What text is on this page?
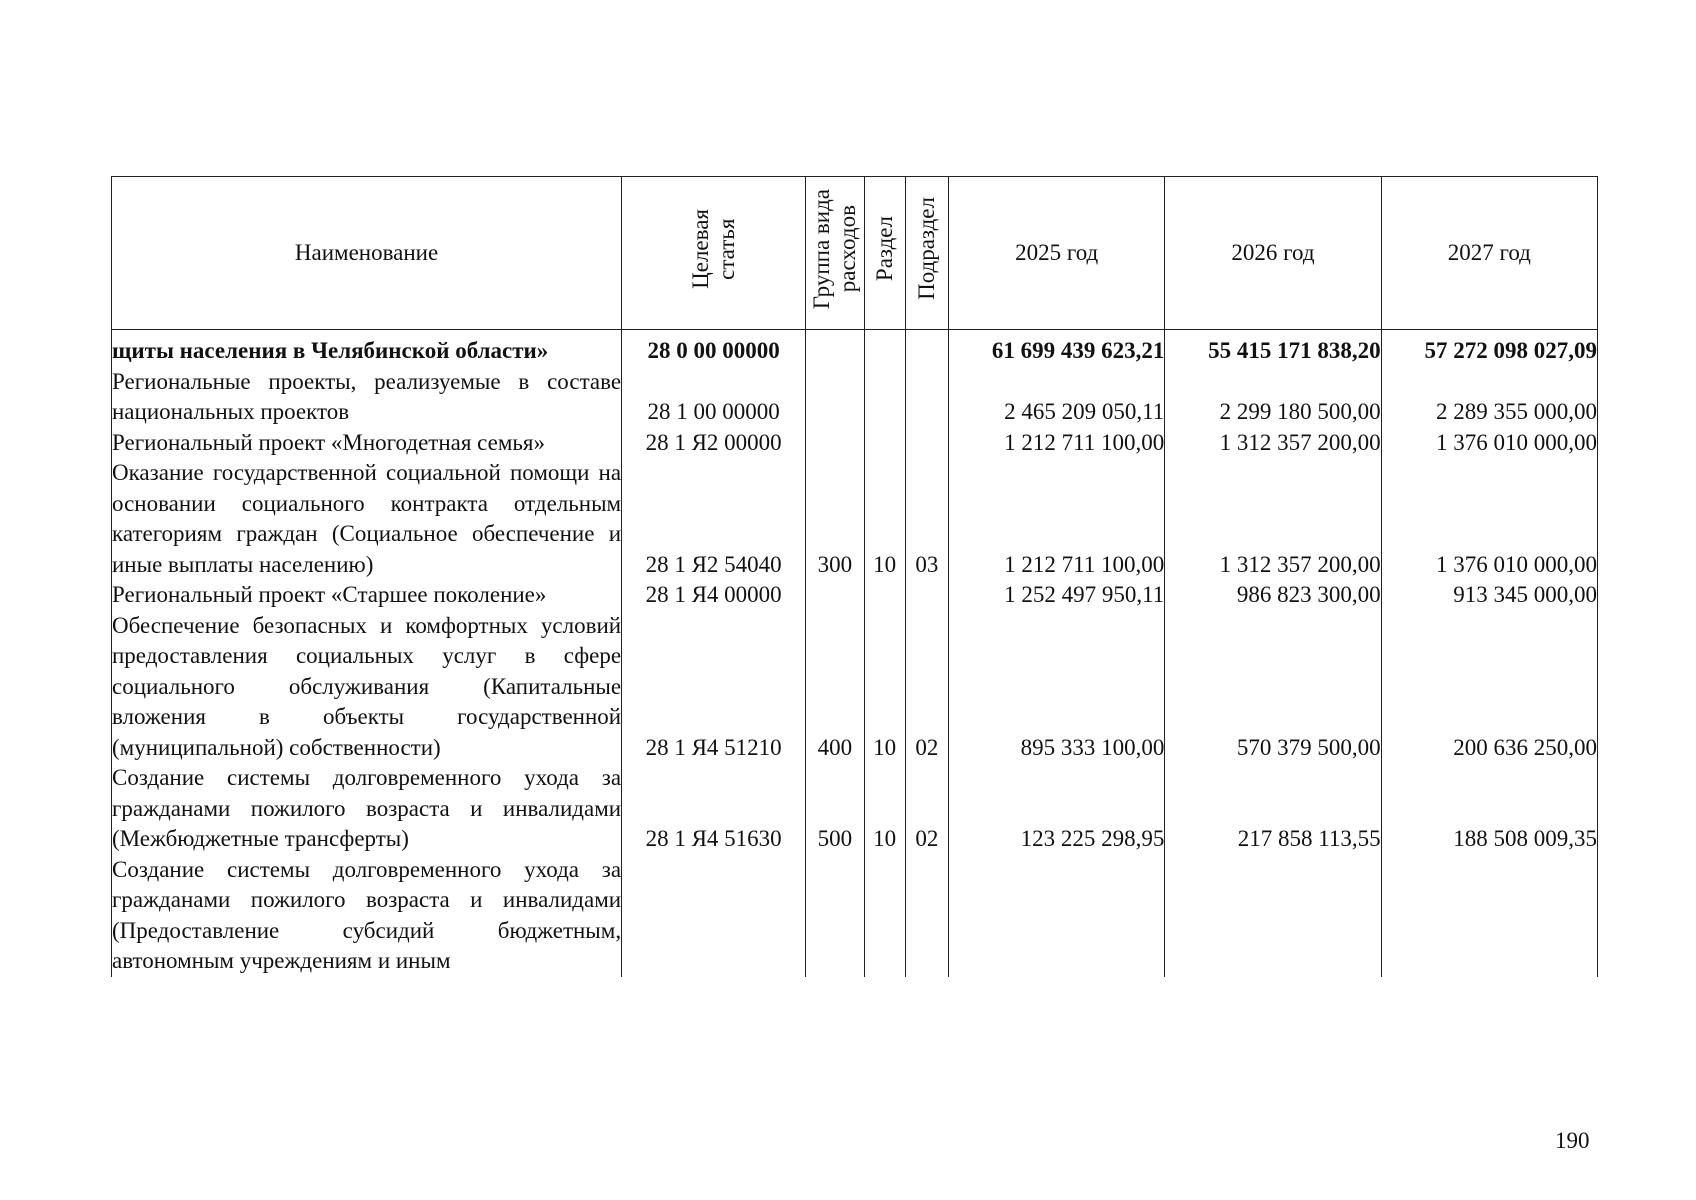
Наименование	Целевая статья	Группа вида расходов	Раздел	Подраздел	2025 год	2026 год	2027 год
щиты населения в Челябинской области»	28 0 00 00000				61 699 439 623,21	55 415 171 838,20	57 272 098 027,09
Региональные проекты, реализуемые в составе национальных проектов	28 1 00 00000				2 465 209 050,11	2 299 180 500,00	2 289 355 000,00
Региональный проект «Многодетная семья»	28 1 Я2 00000				1 212 711 100,00	1 312 357 200,00	1 376 010 000,00
Оказание государственной социальной помощи на основании социального контракта отдельным категориям граждан (Социальное обеспечение и иные выплаты населению)	28 1 Я2 54040	300	10	03	1 212 711 100,00	1 312 357 200,00	1 376 010 000,00
Региональный проект «Старшее поколение»	28 1 Я4 00000				1 252 497 950,11	986 823 300,00	913 345 000,00
Обеспечение безопасных и комфортных условий предоставления социальных услуг в сфере социального обслуживания (Капитальные вложения в объекты государственной (муниципальной) собственности)	28 1 Я4 51210	400	10	02	895 333 100,00	570 379 500,00	200 636 250,00
Создание системы долговременного ухода за гражданами пожилого возраста и инвалидами (Межбюджетные трансферты)	28 1 Я4 51630	500	10	02	123 225 298,95	217 858 113,55	188 508 009,35
Создание системы долговременного ухода за гражданами пожилого возраста и инвалидами (Предоставление субсидий бюджетным, автономным учреждениям и иным							
190
